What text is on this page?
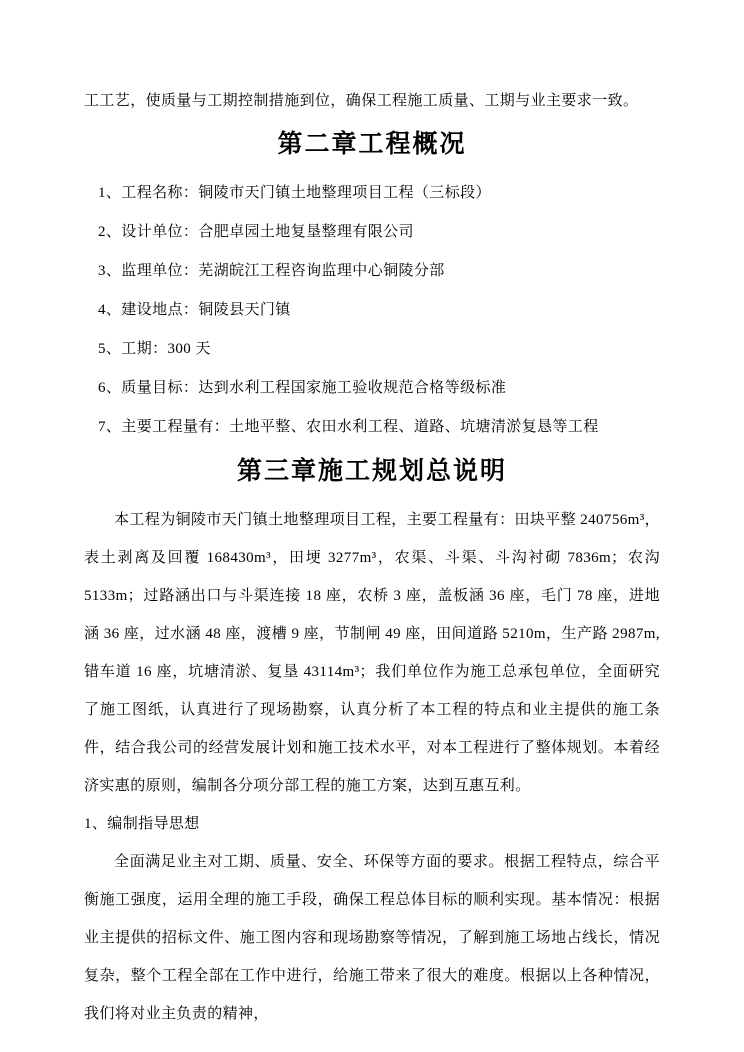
工工艺，使质量与工期控制措施到位，确保工程施工质量、工期与业主要求一致。

第二章工程概况

1、工程名称：铜陵市天门镇土地整理项目工程（三标段）

2、设计单位：合肥卓园土地复垦整理有限公司

3、监理单位：芜湖皖江工程咨询监理中心铜陵分部

4、建设地点：铜陵县天门镇

5、工期：300 天

6、质量目标：达到水利工程国家施工验收规范合格等级标准

7、主要工程量有：土地平整、农田水利工程、道路、坑塘清淤复恳等工程

第三章施工规划总说明

本工程为铜陵市天门镇土地整理项目工程，主要工程量有：田块平整 240756m³，表土剥离及回覆 168430m³，田埂 3277m³，农渠、斗渠、斗沟衬砌 7836m；农沟 5133m；过路涵出口与斗渠连接 18 座，农桥 3 座，盖板涵 36 座，毛门 78 座，进地涵 36 座，过水涵 48 座，渡槽 9 座，节制闸 49 座，田间道路 5210m，生产路 2987m,错车道 16 座，坑塘清淤、复垦 43114m³；我们单位作为施工总承包单位，全面研究了施工图纸，认真进行了现场勘察，认真分析了本工程的特点和业主提供的施工条件，结合我公司的经营发展计划和施工技术水平，对本工程进行了整体规划。本着经济实惠的原则，编制各分项分部工程的施工方案，达到互惠互利。

1、编制指导思想

全面满足业主对工期、质量、安全、环保等方面的要求。根据工程特点，综合平衡施工强度，运用全理的施工手段，确保工程总体目标的顺利实现。基本情况：根据业主提供的招标文件、施工图内容和现场勘察等情况，了解到施工场地占线长，情况复杂，整个工程全部在工作中进行，给施工带来了很大的难度。根据以上各种情况，我们将对业主负责的精神，
